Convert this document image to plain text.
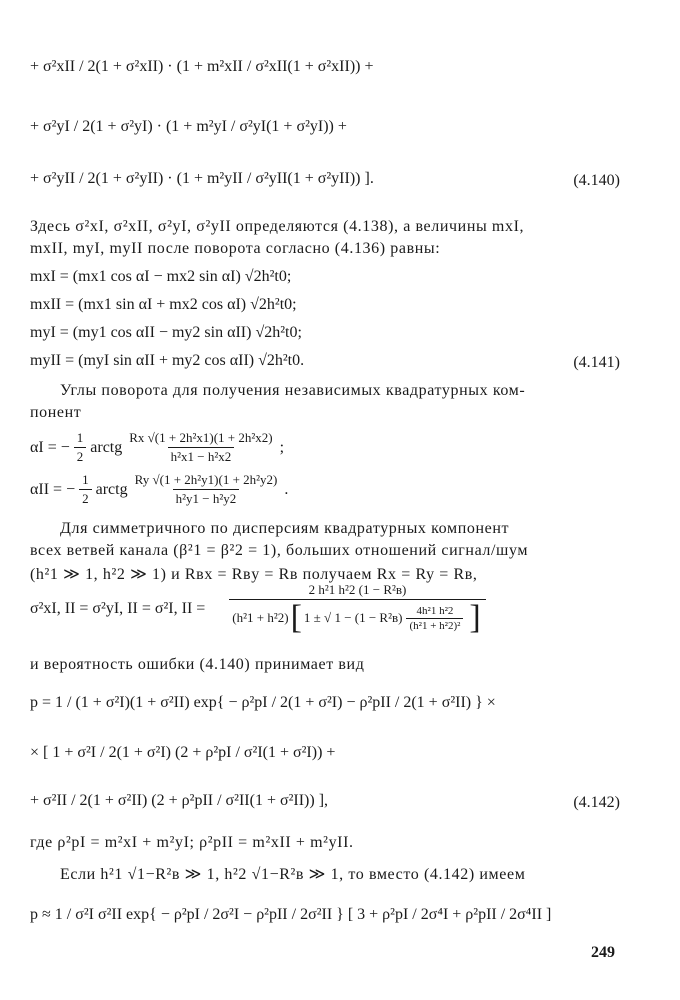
+ σ²xII / 2(1 + σ²xII) · (1 + m²xII / σ²xII(1 + σ²xII)) +
+ σ²yI / 2(1 + σ²yI) · (1 + m²yI / σ²yI(1 + σ²yI)) +
+ σ²yII / 2(1 + σ²yII) · (1 + m²yII / σ²yII(1 + σ²yII)) ].	(4.140)
Здесь σ²xI, σ²xII, σ²yI, σ²yII определяются (4.138), а величины mxI,
mxII, myI, myII после поворота согласно (4.136) равны:
mxI = (mx1 cos αI − mx2 sin αI) √2h²t0;
mxII = (mx1 sin αI + mx2 cos αI) √2h²t0;
myI = (my1 cos αII − my2 sin αII) √2h²t0;
myII = (myI sin αII + my2 cos αII) √2h²t0.	(4.141)
Углы поворота для получения независимых квадратурных ком-
понент
αI = − $\frac{1}{2}$ arctg $\frac{\text{Rx √(1 + 2h²x1)(1 + 2h²x2)}}{\text{h²x1 − h²x2}}$ ;
αII = − $\frac{1}{2}$ arctg $\frac{\text{Ry √(1 + 2h²y1)(1 + 2h²y2)}}{\text{h²y1 − h²y2}}$ .
Для симметричного по дисперсиям квадратурных компонент
всех ветвей канала (β²1 = β²2 = 1), больших отношений сигнал/шум
(h²1 ≫ 1, h²2 ≫ 1) и Rвx = Rвy = Rв получаем Rx = Ry = Rв,
σ²xI, II = σ²yI, II = σ²I, II =
2 h²1 h²2 (1 − R²в)
(h²1 + h²2) [ 1 ± √ $1 - (1 - R^2в) \frac{\text{4h²1 h²2}}{\text{(h²1 + h²2)²}}$ ]
и вероятность ошибки (4.140) принимает вид
p = 1 / (1 + σ²I)(1 + σ²II) exp{ − ρ²pI / 2(1 + σ²I) − ρ²pII / 2(1 + σ²II) } ×
× [ 1 + σ²I / 2(1 + σ²I) (2 + ρ²pI / σ²I(1 + σ²I)) +
+ σ²II / 2(1 + σ²II) (2 + ρ²pII / σ²II(1 + σ²II)) ],	(4.142)
где ρ²pI = m²xI + m²yI; ρ²pII = m²xII + m²yII.
Если h²1 √1−R²в ≫ 1, h²2 √1−R²в ≫ 1, то вместо (4.142) имеем
p ≈ 1 / σ²I σ²II exp{ − ρ²pI / 2σ²I − ρ²pII / 2σ²II } [ 3 + ρ²pI / 2σ⁴I + ρ²pII / 2σ⁴II ]
249
